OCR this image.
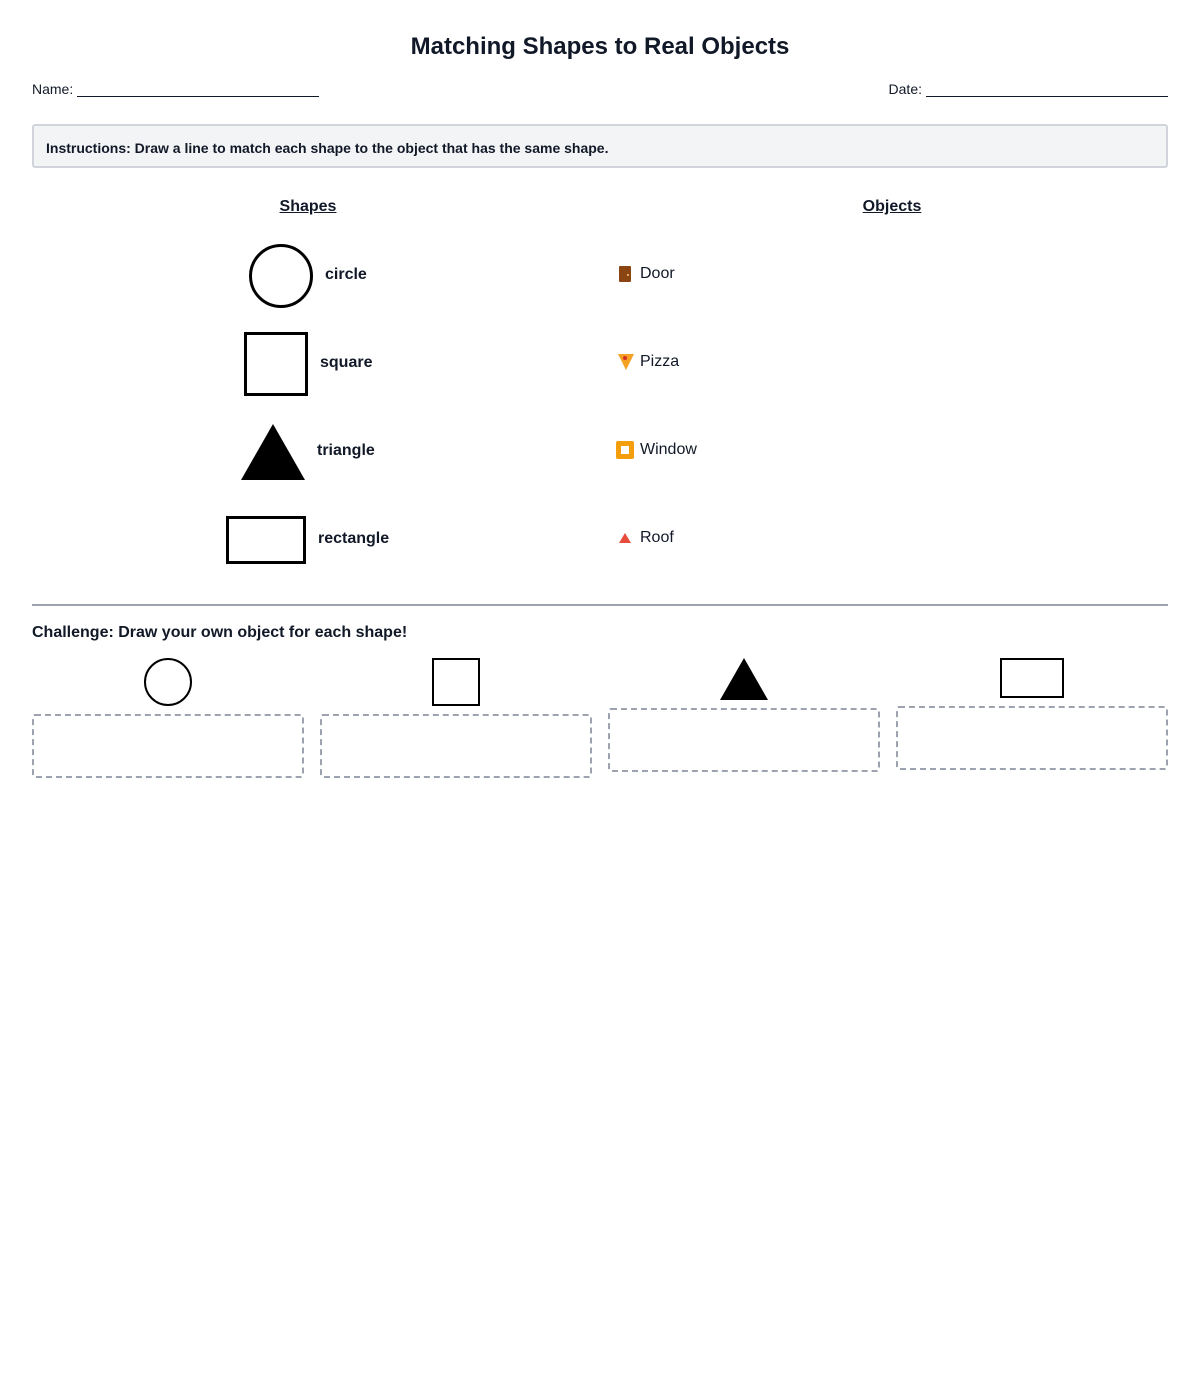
Matching Shapes to Real Objects
Name:	Date:
Instructions: Draw a line to match each shape to the object that has the same shape.
Shapes	Objects
circle
square
triangle
rectangle
Door
Pizza
Window
Roof
Challenge: Draw your own object for each shape!
